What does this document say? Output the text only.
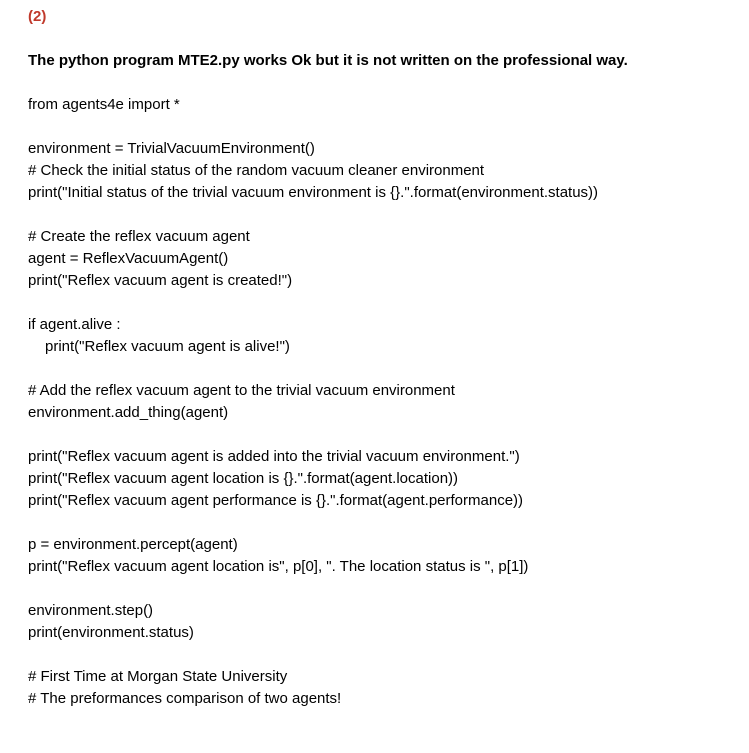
(2)
The python program MTE2.py works Ok but it is not written on the professional way.
from agents4e import *
environment = TrivialVacuumEnvironment()
# Check the initial status of the random vacuum cleaner environment
print("Initial status of the trivial vacuum environment is {}.".format(environment.status))
# Create the reflex vacuum agent
agent = ReflexVacuumAgent()
print("Reflex vacuum agent is created!")
if agent.alive :
print("Reflex vacuum agent is alive!")
# Add the reflex vacuum agent to the trivial vacuum environment
environment.add_thing(agent)
print("Reflex vacuum agent is added into the trivial vacuum environment.")
print("Reflex vacuum agent location is {}.".format(agent.location))
print("Reflex vacuum agent performance is {}.".format(agent.performance))
p = environment.percept(agent)
print("Reflex vacuum agent location is", p[0], ". The location status is ", p[1])
environment.step()
print(environment.status)
# First Time at Morgan State University
# The preformances comparison of two agents!
